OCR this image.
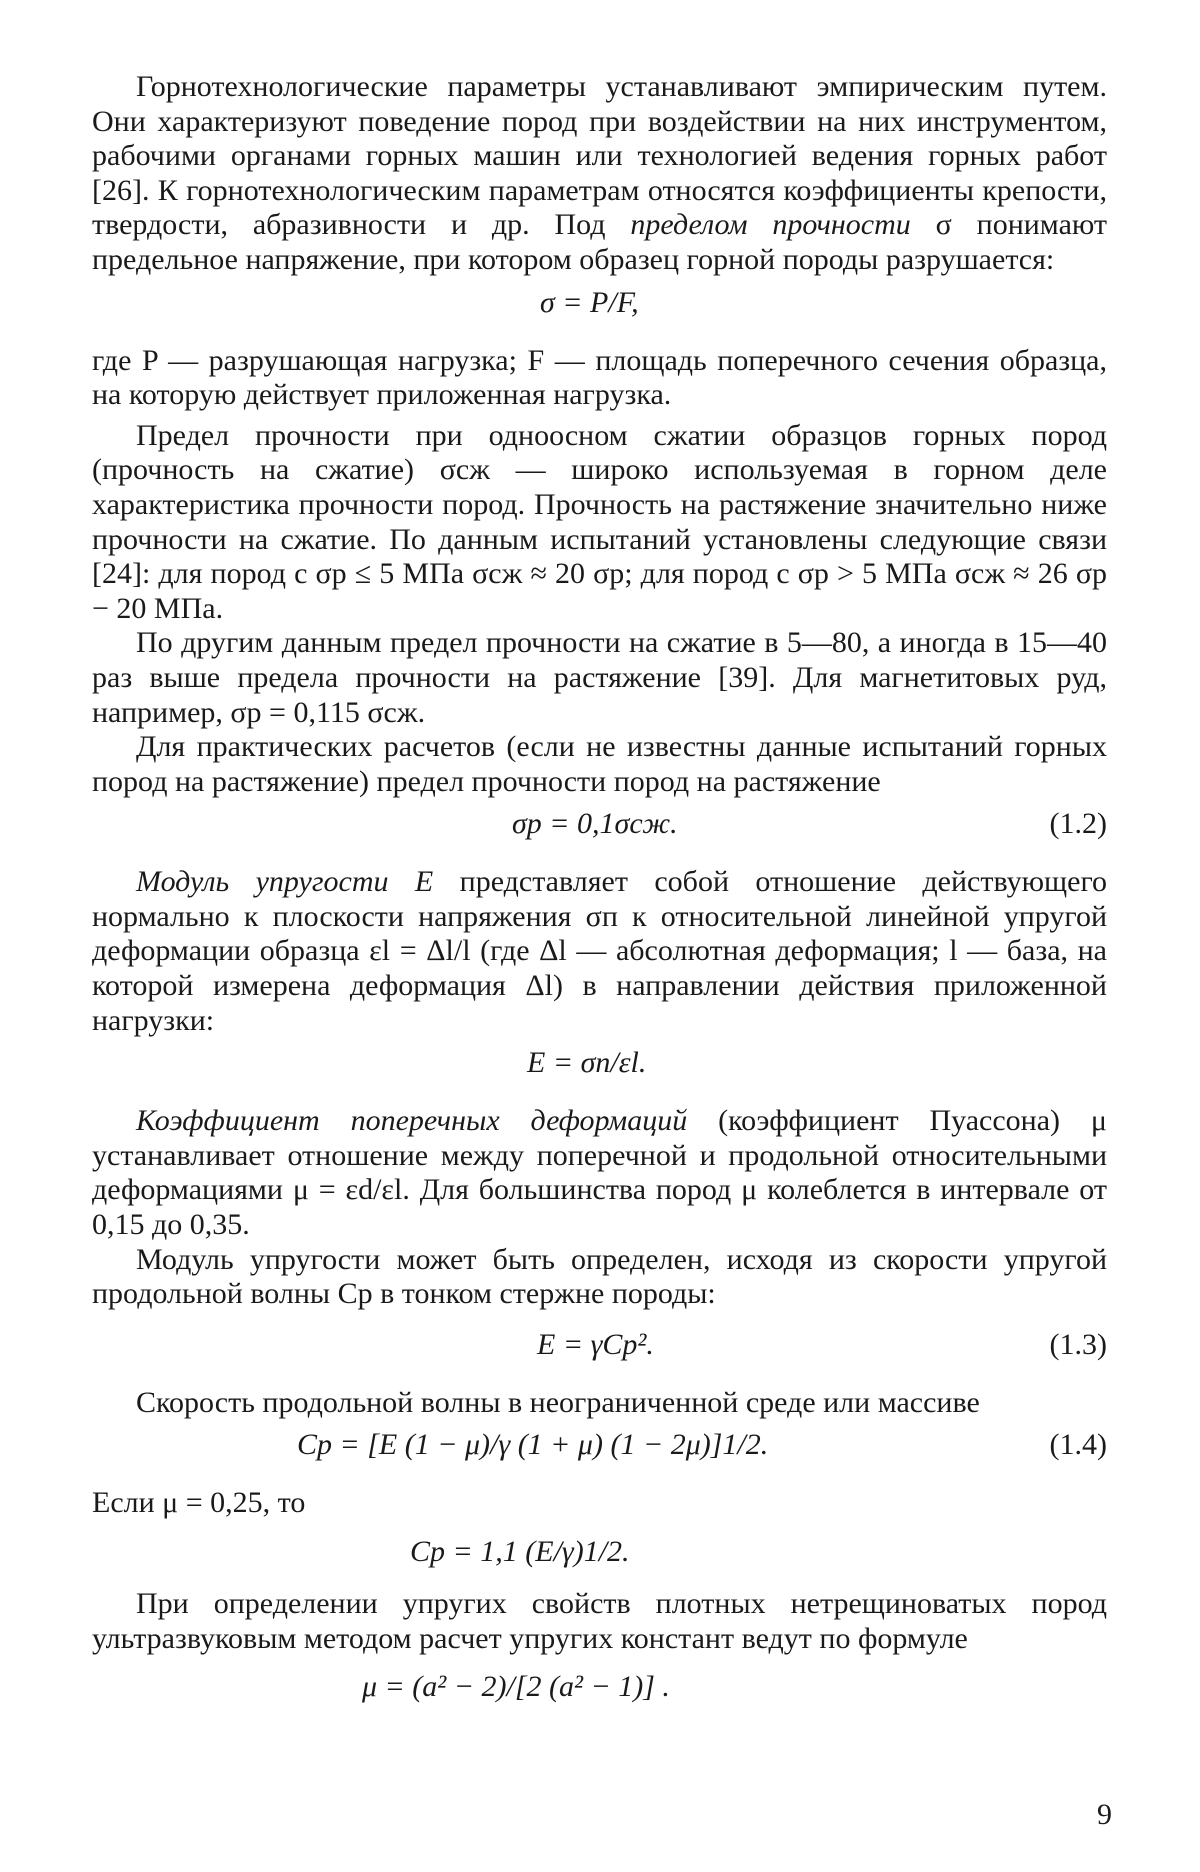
Горнотехнологические параметры устанавливают эмпирическим путем. Они характеризуют поведение пород при воздействии на них инструментом, рабочими органами горных машин или технологией ведения горных работ [26]. К горнотехнологическим параметрам относятся коэффициенты крепости, твердости, абразивности и др. Под пределом прочности σ понимают предельное напряжение, при котором образец горной породы разрушается:

σ = P/F,

где P — разрушающая нагрузка; F — площадь поперечного сечения образца, на которую действует приложенная нагрузка.

Предел прочности при одноосном сжатии образцов горных пород (прочность на сжатие) σсж — широко используемая в горном деле характеристика прочности пород. Прочность на растяжение значительно ниже прочности на сжатие. По данным испытаний установлены следующие связи [24]: для пород с σр ≤ 5 МПа σсж ≈ 20 σр; для пород с σр > 5 МПа σсж ≈ 26 σр − 20 МПа.

По другим данным предел прочности на сжатие в 5—80, а иногда в 15—40 раз выше предела прочности на растяжение [39]. Для магнетитовых руд, например, σр = 0,115 σсж.

Для практических расчетов (если не известны данные испытаний горных пород на растяжение) предел прочности пород на растяжение

σр = 0,1σсж.	(1.2)

Модуль упругости E представляет собой отношение действующего нормально к плоскости напряжения σп к относительной линейной упругой деформации образца εl = Δl/l (где Δl — абсолютная деформация; l — база, на которой измерена деформация Δl) в направлении действия приложенной нагрузки:

E = σп/εl.

Коэффициент поперечных деформаций (коэффициент Пуассона) μ устанавливает отношение между поперечной и продольной относительными деформациями μ = εd/εl. Для большинства пород μ колеблется в интервале от 0,15 до 0,35.

Модуль упругости может быть определен, исходя из скорости упругой продольной волны Cр в тонком стержне породы:

E = γCр².	(1.3)

Скорость продольной волны в неограниченной среде или массиве

Cр = [E (1 − μ)/γ (1 + μ) (1 − 2μ)]1/2.	(1.4)

Если μ = 0,25, то

Cр = 1,1 (E/γ)1/2.

При определении упругих свойств плотных нетрещиноватых пород ультразвуковым методом расчет упругих констант ведут по формуле

μ = (a² − 2)/[2 (a² − 1)] .
9
